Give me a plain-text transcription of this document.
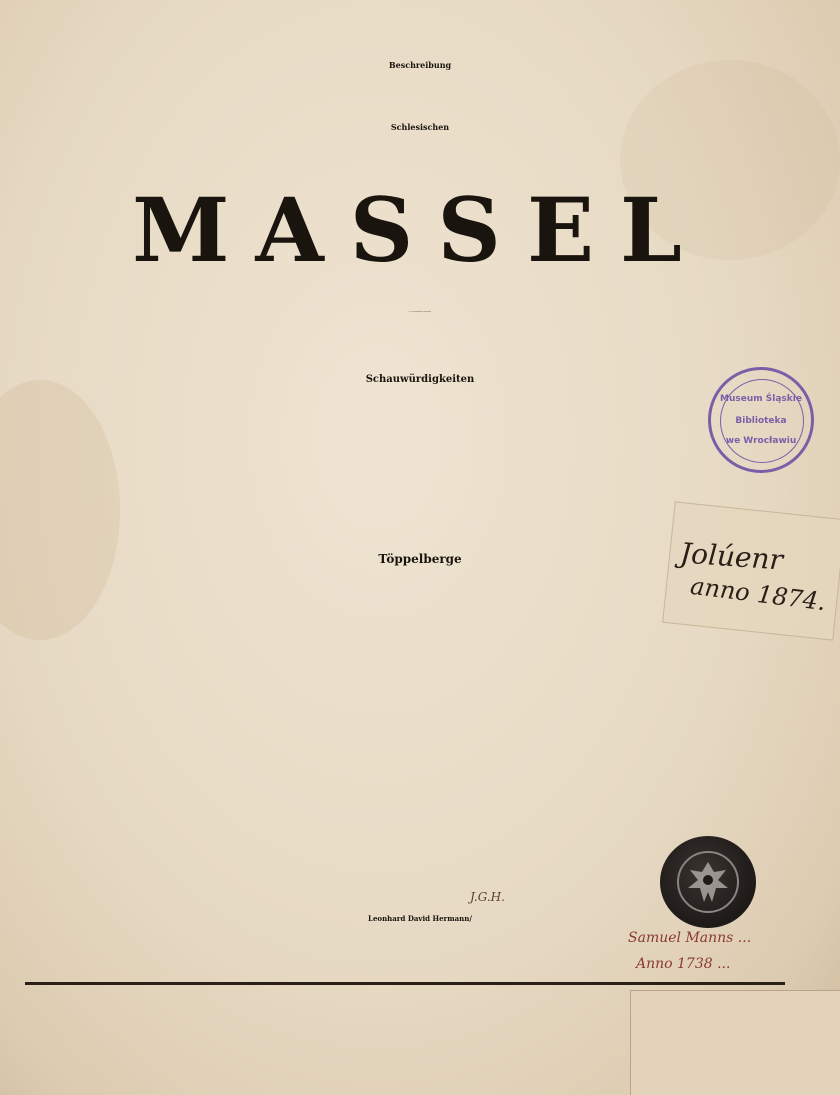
Beschreibung

Schlesischen

MASSEL

Im Oelß-Bernstädtischen Fürstenthum

Schauwürdigkeiten

Töppelberge

Leonhard David Hermann/

Museum Śląskie
Biblioteka
we Wrocławiu
J.G.H.
Jolúenr
anno 1874.
Samuel Manns ...
Anno 1738 ...
